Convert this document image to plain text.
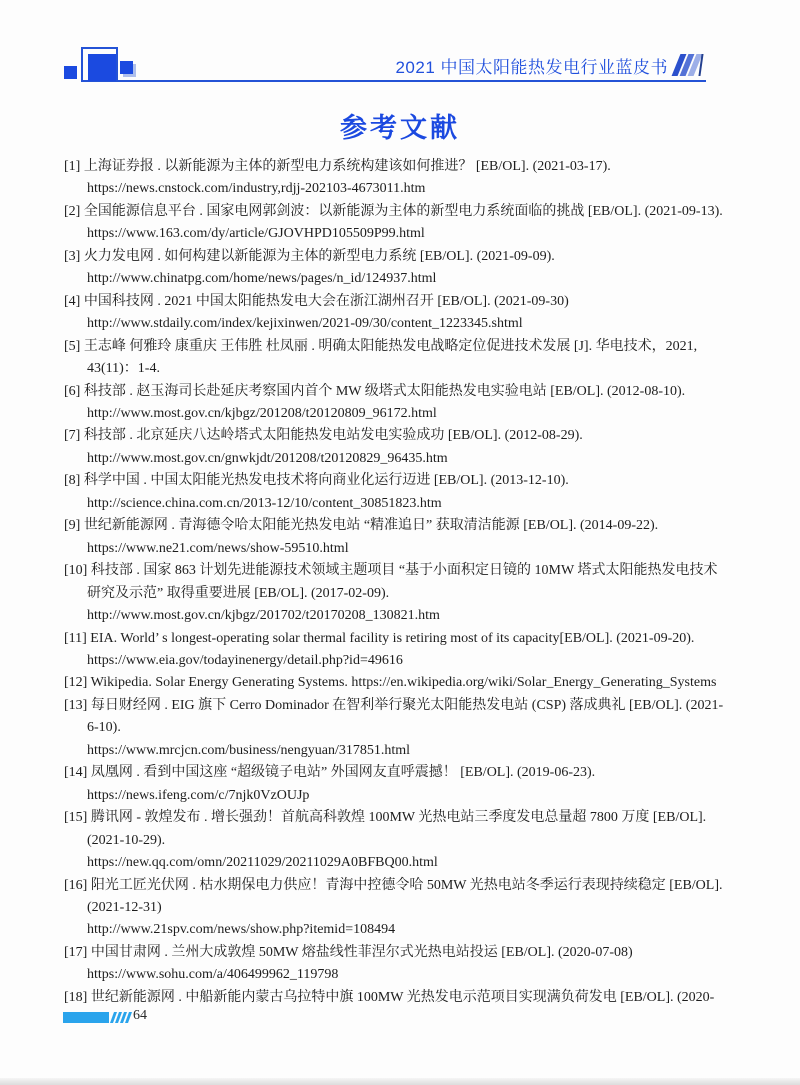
2021 中国太阳能热发电行业蓝皮书
参考文献
[1] 上海证券报 . 以新能源为主体的新型电力系统构建该如何推进？ [EB/OL]. (2021-03-17).
https://news.cnstock.com/industry,rdjj-202103-4673011.htm
[2] 全国能源信息平台 . 国家电网郭剑波：以新能源为主体的新型电力系统面临的挑战 [EB/OL]. (2021-09-13).
https://www.163.com/dy/article/GJOVHPD105509P99.html
[3] 火力发电网 . 如何构建以新能源为主体的新型电力系统 [EB/OL]. (2021-09-09).
http://www.chinatpg.com/home/news/pages/n_id/124937.html
[4] 中国科技网 . 2021 中国太阳能热发电大会在浙江湖州召开 [EB/OL]. (2021-09-30)
http://www.stdaily.com/index/kejixinwen/2021-09/30/content_1223345.shtml
[5] 王志峰 何雅玲 康重庆 王伟胜 杜凤丽 . 明确太阳能热发电战略定位促进技术发展 [J]. 华电技术，2021,
43(11)：1-4.
[6] 科技部 . 赵玉海司长赴延庆考察国内首个 MW 级塔式太阳能热发电实验电站 [EB/OL]. (2012-08-10).
http://www.most.gov.cn/kjbgz/201208/t20120809_96172.html
[7] 科技部 . 北京延庆八达岭塔式太阳能热发电站发电实验成功 [EB/OL]. (2012-08-29).
http://www.most.gov.cn/gnwkjdt/201208/t20120829_96435.htm
[8] 科学中国 . 中国太阳能光热发电技术将向商业化运行迈进 [EB/OL]. (2013-12-10).
http://science.china.com.cn/2013-12/10/content_30851823.htm
[9] 世纪新能源网 . 青海德令哈太阳能光热发电站 “精准追日” 获取清洁能源 [EB/OL]. (2014-09-22).
https://www.ne21.com/news/show-59510.html
[10] 科技部 . 国家 863 计划先进能源技术领域主题项目 “基于小面积定日镜的 10MW 塔式太阳能热发电技术
研究及示范” 取得重要进展 [EB/OL]. (2017-02-09).
http://www.most.gov.cn/kjbgz/201702/t20170208_130821.htm
[11] EIA. World’ s longest-operating solar thermal facility is retiring most of its capacity[EB/OL]. (2021-09-20).
https://www.eia.gov/todayinenergy/detail.php?id=49616
[12] Wikipedia. Solar Energy Generating Systems. https://en.wikipedia.org/wiki/Solar_Energy_Generating_Systems
[13] 每日财经网 . EIG 旗下 Cerro Dominador 在智利举行聚光太阳能热发电站 (CSP) 落成典礼 [EB/OL]. (2021-
6-10).
https://www.mrcjcn.com/business/nengyuan/317851.html
[14] 凤凰网 . 看到中国这座 “超级镜子电站” 外国网友直呼震撼！ [EB/OL]. (2019-06-23).
https://news.ifeng.com/c/7njk0VzOUJp
[15] 腾讯网 - 敦煌发布 . 增长强劲！首航高科敦煌 100MW 光热电站三季度发电总量超 7800 万度 [EB/OL].
(2021-10-29).
https://new.qq.com/omn/20211029/20211029A0BFBQ00.html
[16] 阳光工匠光伏网 . 枯水期保电力供应！青海中控德令哈 50MW 光热电站冬季运行表现持续稳定 [EB/OL].
(2021-12-31)
http://www.21spv.com/news/show.php?itemid=108494
[17] 中国甘肃网 . 兰州大成敦煌 50MW 熔盐线性菲涅尔式光热电站投运 [EB/OL]. (2020-07-08)
https://www.sohu.com/a/406499962_119798
[18] 世纪新能源网 . 中船新能内蒙古乌拉特中旗 100MW 光热发电示范项目实现满负荷发电 [EB/OL]. (2020-
64
